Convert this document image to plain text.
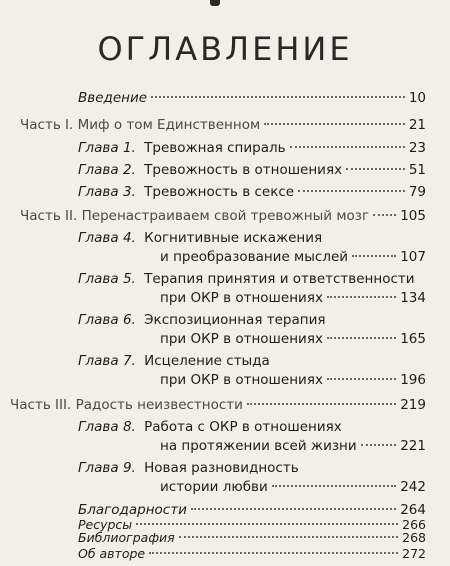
ОГЛАВЛЕНИЕ
Введение	10
Часть I. Миф о том Единственном	21
Глава 1. Тревожная спираль	23
Глава 2. Тревожность в отношениях	51
Глава 3. Тревожность в сексе	79
Часть II. Перенастраиваем свой тревожный мозг 105
Глава 4. Когнитивные искажения
и преобразование мыслей	107
Глава 5. Терапия принятия и ответственности
при ОКР в отношениях	134
Глава 6. Экспозиционная терапия
при ОКР в отношениях	165
Глава 7. Исцеление стыда
при ОКР в отношениях	196
Часть III. Радость неизвестности	219
Глава 8. Работа с ОКР в отношениях
на протяжении всей жизни	221
Глава 9. Новая разновидность
истории любви	242
Благодарности	264
Ресурсы	266
Библиография	268
Об авторе	272
